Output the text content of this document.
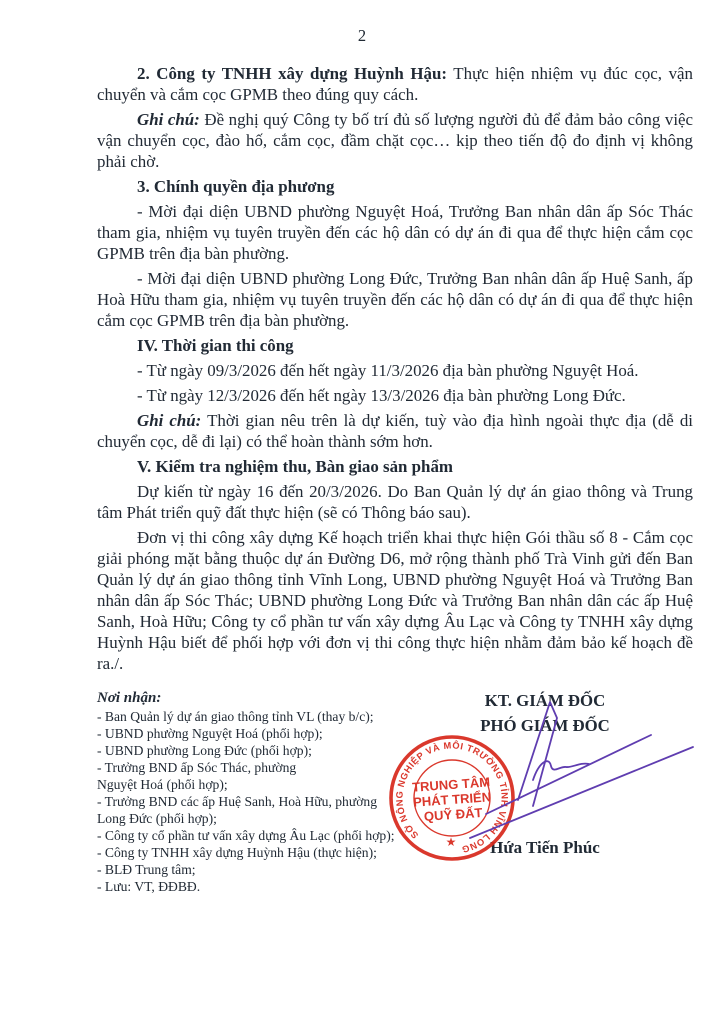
2

2. Công ty TNHH xây dựng Huỳnh Hậu: Thực hiện nhiệm vụ đúc cọc, vận chuyển và cắm cọc GPMB theo đúng quy cách.

Ghi chú: Đề nghị quý Công ty bố trí đủ số lượng người đủ để đảm bảo công việc vận chuyển cọc, đào hố, cắm cọc, đầm chặt cọc… kịp theo tiến độ đo định vị không phải chờ.

3. Chính quyền địa phương

- Mời đại diện UBND phường Nguyệt Hoá, Trưởng Ban nhân dân ấp Sóc Thác tham gia, nhiệm vụ tuyên truyền đến các hộ dân có dự án đi qua để thực hiện cắm cọc GPMB trên địa bàn phường.

- Mời đại diện UBND phường Long Đức, Trưởng Ban nhân dân ấp Huệ Sanh, ấp Hoà Hữu tham gia, nhiệm vụ tuyên truyền đến các hộ dân có dự án đi qua để thực hiện cắm cọc GPMB trên địa bàn phường.

IV. Thời gian thi công

- Từ ngày 09/3/2026 đến hết ngày 11/3/2026 địa bàn phường Nguyệt Hoá.

- Từ ngày 12/3/2026 đến hết ngày 13/3/2026 địa bàn phường Long Đức.

Ghi chú: Thời gian nêu trên là dự kiến, tuỳ vào địa hình ngoài thực địa (dễ di chuyển cọc, dễ đi lại) có thể hoàn thành sớm hơn.

V. Kiểm tra nghiệm thu, Bàn giao sản phẩm

Dự kiến từ ngày 16 đến 20/3/2026. Do Ban Quản lý dự án giao thông và Trung tâm Phát triển quỹ đất thực hiện (sẽ có Thông báo sau).

Đơn vị thi công xây dựng Kế hoạch triển khai thực hiện Gói thầu số 8 - Cắm cọc giải phóng mặt bằng thuộc dự án Đường D6, mở rộng thành phố Trà Vinh gửi đến Ban Quản lý dự án giao thông tỉnh Vĩnh Long, UBND phường Nguyệt Hoá và Trưởng Ban nhân dân ấp Sóc Thác; UBND phường Long Đức và Trưởng Ban nhân dân các ấp Huệ Sanh, Hoà Hữu; Công ty cổ phần tư vấn xây dựng Âu Lạc và Công ty TNHH xây dựng Huỳnh Hậu biết để phối hợp với đơn vị thi công thực hiện nhằm đảm bảo kế hoạch đề ra./.

Nơi nhận:
- Ban Quản lý dự án giao thông tỉnh VL (thay b/c);
- UBND phường Nguyệt Hoá (phối hợp);
- UBND phường Long Đức (phối hợp);
- Trưởng BND ấp Sóc Thác, phường
Nguyệt Hoá (phối hợp);
- Trưởng BND các ấp Huệ Sanh, Hoà Hữu, phường
Long Đức (phối hợp);
- Công ty cổ phần tư vấn xây dựng Âu Lạc (phối hợp);
- Công ty TNHH xây dựng Huỳnh Hậu (thực hiện);
- BLĐ Trung tâm;
- Lưu: VT, ĐĐBĐ.
KT. GIÁM ĐỐC
PHÓ GIÁM ĐỐC
SỞ NÔNG NGHIỆP VÀ MÔI TRƯỜNG TỈNH VĨNH LONG
TRUNG TÂM
PHÁT TRIỂN
QUỸ ĐẤT
★	Hứa Tiến Phúc
